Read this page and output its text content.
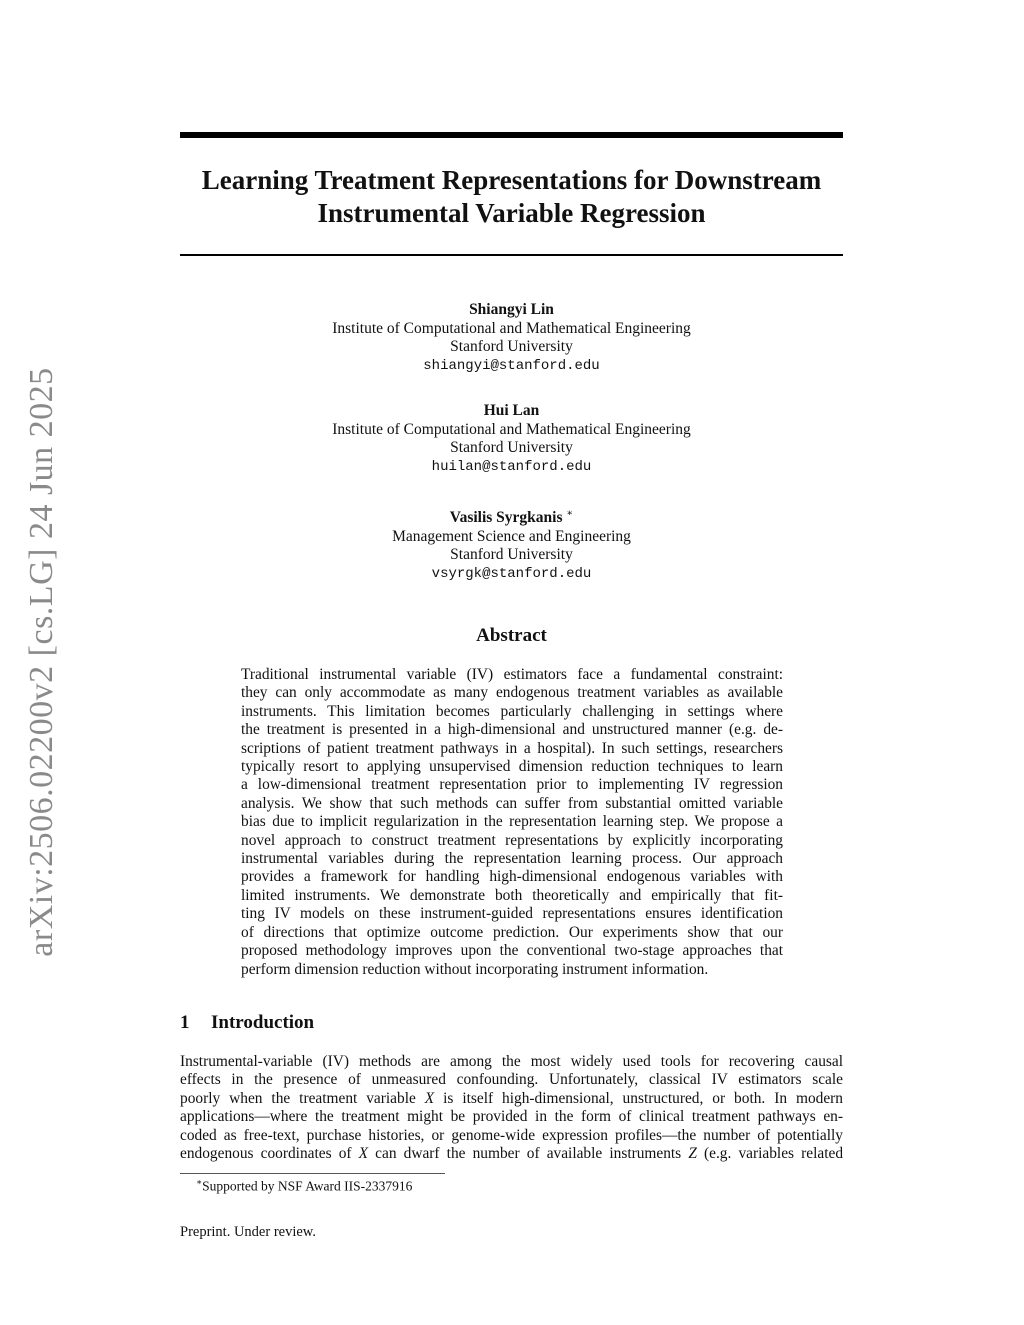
arXiv:2506.02200v2 [cs.LG] 24 Jun 2025
Learning Treatment Representations for Downstream
Instrumental Variable Regression
Shiangyi Lin
Institute of Computational and Mathematical Engineering
Stanford University
shiangyi@stanford.edu
Hui Lan
Institute of Computational and Mathematical Engineering
Stanford University
huilan@stanford.edu
Vasilis Syrgkanis ∗
Management Science and Engineering
Stanford University
vsyrgk@stanford.edu
Abstract
Traditional instrumental variable (IV) estimators face a fundamental constraint:
they can only accommodate as many endogenous treatment variables as available
instruments. This limitation becomes particularly challenging in settings where
the treatment is presented in a high-dimensional and unstructured manner (e.g. de-
scriptions of patient treatment pathways in a hospital). In such settings, researchers
typically resort to applying unsupervised dimension reduction techniques to learn
a low-dimensional treatment representation prior to implementing IV regression
analysis. We show that such methods can suffer from substantial omitted variable
bias due to implicit regularization in the representation learning step. We propose a
novel approach to construct treatment representations by explicitly incorporating
instrumental variables during the representation learning process. Our approach
provides a framework for handling high-dimensional endogenous variables with
limited instruments. We demonstrate both theoretically and empirically that fit-
ting IV models on these instrument-guided representations ensures identification
of directions that optimize outcome prediction. Our experiments show that our
proposed methodology improves upon the conventional two-stage approaches that
perform dimension reduction without incorporating instrument information.
1 Introduction
Instrumental-variable (IV) methods are among the most widely used tools for recovering causal
effects in the presence of unmeasured confounding. Unfortunately, classical IV estimators scale
poorly when the treatment variable X is itself high-dimensional, unstructured, or both. In modern
applications—where the treatment might be provided in the form of clinical treatment pathways en-
coded as free-text, purchase histories, or genome-wide expression profiles—the number of potentially
endogenous coordinates of X can dwarf the number of available instruments Z (e.g. variables related
∗Supported by NSF Award IIS-2337916
Preprint. Under review.
